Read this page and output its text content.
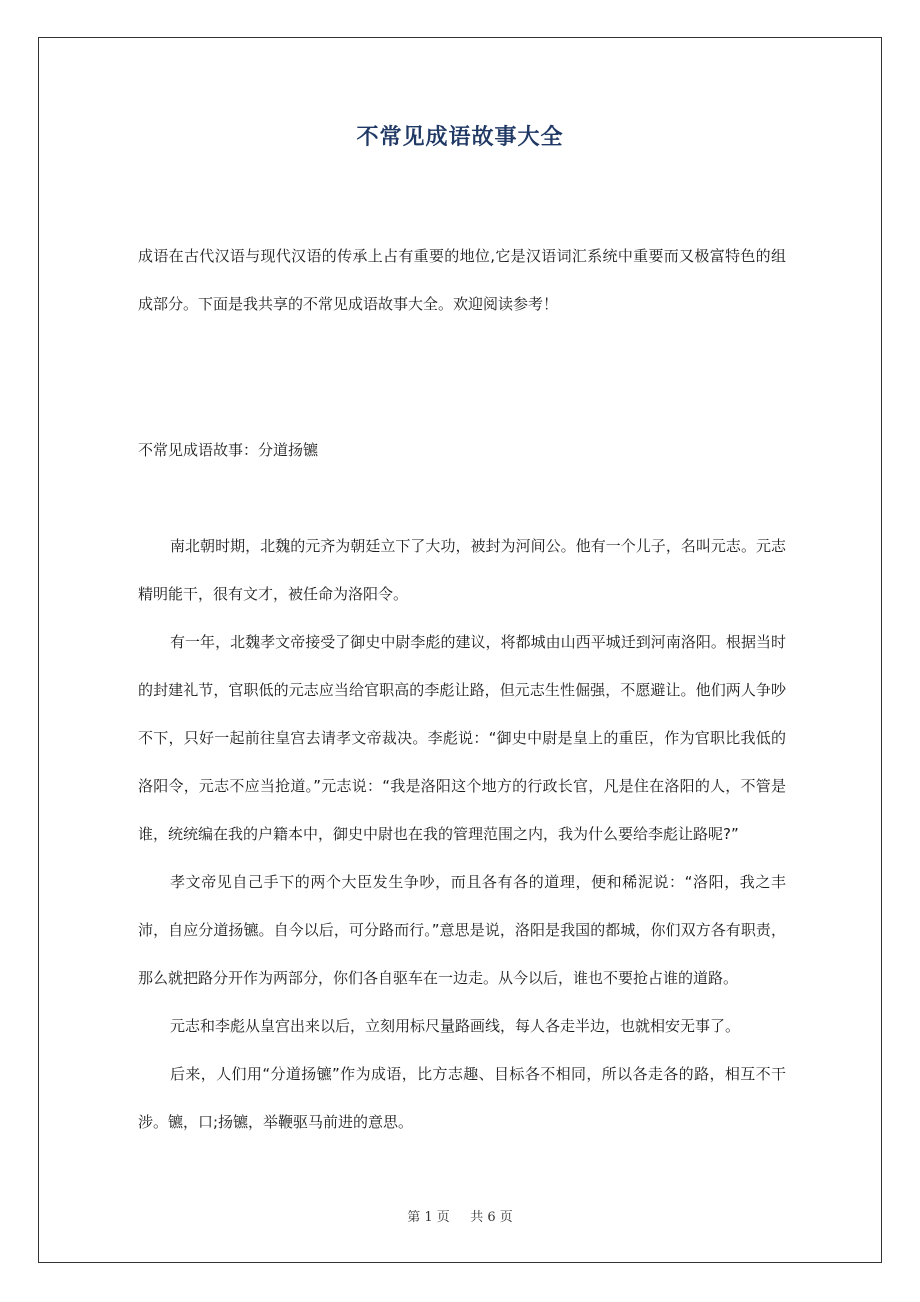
不常见成语故事大全

成语在古代汉语与现代汉语的传承上占有重要的地位,它是汉语词汇系统中重要而又极富特色的组成部分。下面是我共享的不常见成语故事大全。欢迎阅读参考！

不常见成语故事：分道扬镳

南北朝时期，北魏的元齐为朝廷立下了大功，被封为河间公。他有一个儿子，名叫元志。元志精明能干，很有文才，被任命为洛阳令。

有一年，北魏孝文帝接受了御史中尉李彪的建议，将都城由山西平城迁到河南洛阳。根据当时的封建礼节，官职低的元志应当给官职高的李彪让路，但元志生性倔强，不愿避让。他们两人争吵不下，只好一起前往皇宫去请孝文帝裁决。李彪说：“御史中尉是皇上的重臣，作为官职比我低的洛阳令，元志不应当抢道。”元志说：“我是洛阳这个地方的行政长官，凡是住在洛阳的人，不管是谁，统统编在我的户籍本中，御史中尉也在我的管理范围之内，我为什么要给李彪让路呢?”

孝文帝见自己手下的两个大臣发生争吵，而且各有各的道理，便和稀泥说：“洛阳，我之丰沛，自应分道扬镳。自今以后，可分路而行。”意思是说，洛阳是我国的都城，你们双方各有职责，那么就把路分开作为两部分，你们各自驱车在一边走。从今以后，谁也不要抢占谁的道路。

元志和李彪从皇宫出来以后，立刻用标尺量路画线，每人各走半边，也就相安无事了。

后来，人们用“分道扬镳”作为成语，比方志趣、目标各不相同，所以各走各的路，相互不干涉。镳，口;扬镳，举鞭驱马前进的意思。

第 1 页 共 6 页
